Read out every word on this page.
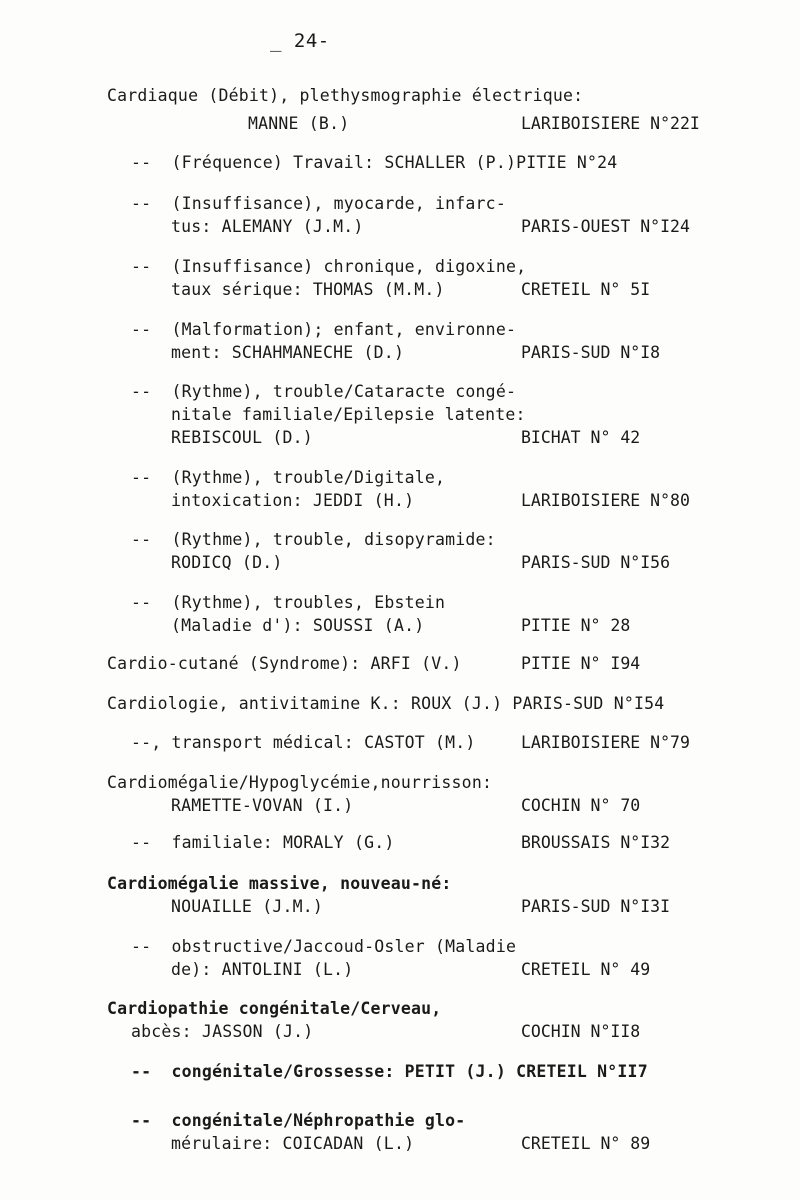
_ 24-
Cardiaque (Débit), plethysmographie électrique:
MANNE (B.)	LARIBOISIERE N°22I
--  (Fréquence) Travail: SCHALLER (P.)PITIE N°24
--  (Insuffisance), myocarde, infarc-
tus: ALEMANY (J.M.)	PARIS-OUEST N°I24
--  (Insuffisance) chronique, digoxine,
taux sérique: THOMAS (M.M.)	CRETEIL N° 5I
--  (Malformation); enfant, environne-
ment: SCHAHMANECHE (D.)	PARIS-SUD N°I8
--  (Rythme), trouble/Cataracte congé-
nitale familiale/Epilepsie latente:
REBISCOUL (D.)	BICHAT N° 42
--  (Rythme), trouble/Digitale,
intoxication: JEDDI (H.)	LARIBOISIERE N°80
--  (Rythme), trouble, disopyramide:
RODICQ (D.)	PARIS-SUD N°I56
--  (Rythme), troubles, Ebstein
(Maladie d'): SOUSSI (A.)	PITIE N° 28
Cardio-cutané (Syndrome): ARFI (V.)	PITIE N° I94
Cardiologie, antivitamine K.: ROUX (J.) PARIS-SUD N°I54
--, transport médical: CASTOT (M.)	LARIBOISIERE N°79
Cardiomégalie/Hypoglycémie,nourrisson:
RAMETTE-VOVAN (I.)	COCHIN N° 70
--  familiale: MORALY (G.)	BROUSSAIS N°I32
Cardiomégalie massive, nouveau-né:
NOUAILLE (J.M.)	PARIS-SUD N°I3I
--  obstructive/Jaccoud-Osler (Maladie
de): ANTOLINI (L.)	CRETEIL N° 49
Cardiopathie congénitale/Cerveau,
abcès: JASSON (J.)	COCHIN N°II8
--  congénitale/Grossesse: PETIT (J.) CRETEIL N°II7
--  congénitale/Néphropathie glo-
mérulaire: COICADAN (L.)	CRETEIL N° 89
